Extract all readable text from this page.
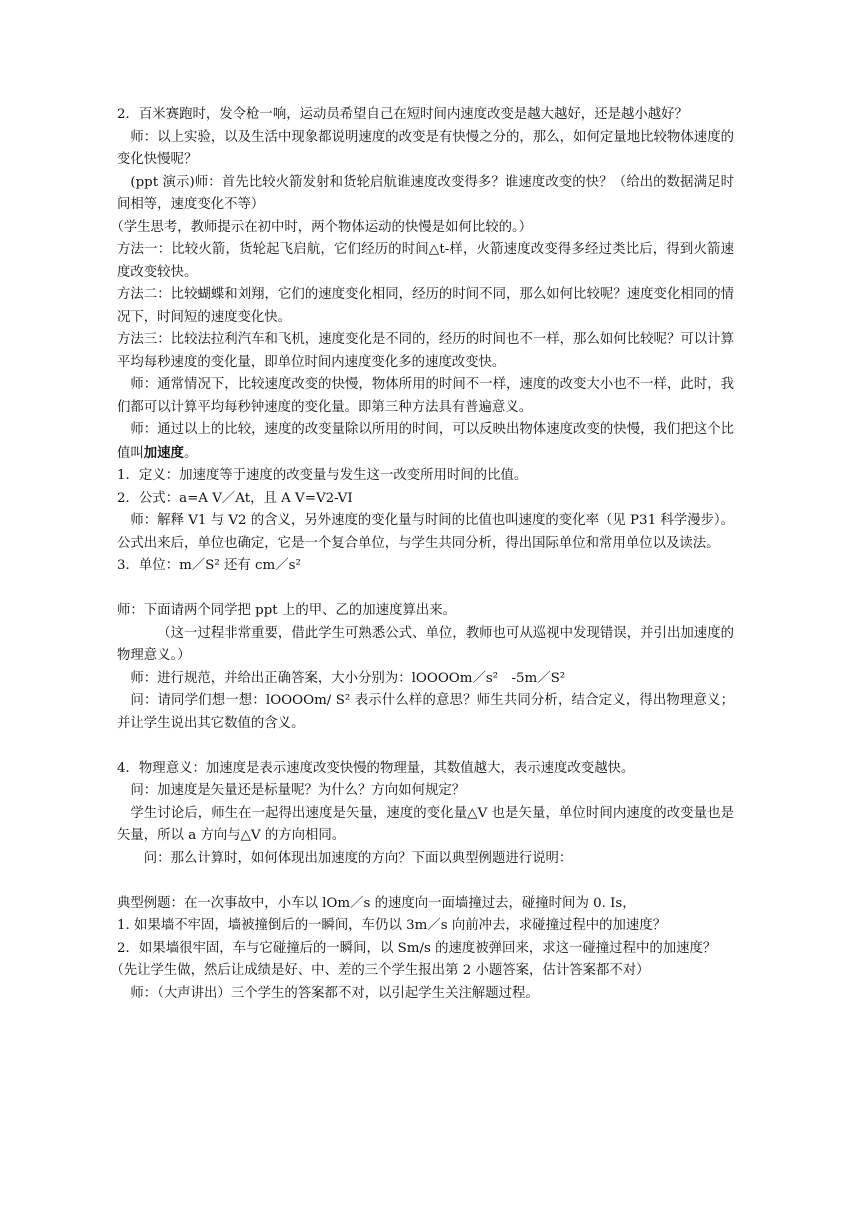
2．百米赛跑时，发令枪一响，运动员希望自己在短时间内速度改变是越大越好，还是越小越好？

师：以上实验，以及生活中现象都说明速度的改变是有快慢之分的，那么，如何定量地比较物体速度的变化快慢呢？

(ppt 演示)师：首先比较火箭发射和货轮启航谁速度改变得多？谁速度改变的快？（给出的数据满足时间相等，速度变化不等）

（学生思考，教师提示在初中时，两个物体运动的快慢是如何比较的。）

方法一：比较火箭，货轮起飞启航，它们经历的时间△t-样，火箭速度改变得多经过类比后，得到火箭速度改变较快。

方法二：比较蝴蝶和刘翔，它们的速度变化相同，经历的时间不同，那么如何比较呢？速度变化相同的情况下，时间短的速度变化快。

方法三：比较法拉利汽车和飞机，速度变化是不同的，经历的时间也不一样，那么如何比较呢？可以计算平均每秒速度的变化量，即单位时间内速度变化多的速度改变快。

师：通常情况下，比较速度改变的快慢，物体所用的时间不一样，速度的改变大小也不一样，此时，我们都可以计算平均每秒钟速度的变化量。即第三种方法具有普遍意义。

师：通过以上的比较，速度的改变量除以所用的时间，可以反映出物体速度改变的快慢，我们把这个比值叫加速度。

1．定义：加速度等于速度的改变量与发生这一改变所用时间的比值。

2．公式：a=A V／At，且 A V=V2-VI

师：解释 V1 与 V2 的含义，另外速度的变化量与时间的比值也叫速度的变化率（见 P31 科学漫步）。公式出来后，单位也确定，它是一个复合单位，与学生共同分析，得出国际单位和常用单位以及读法。

3．单位：m／S² 还有 cm／s²

师：下面请两个同学把 ppt 上的甲、乙的加速度算出来。

（这一过程非常重要，借此学生可熟悉公式、单位，教师也可从巡视中发现错误，并引出加速度的物理意义。）

师：进行规范，并给出正确答案，大小分别为：lOOOOm／s²　-5m／S²

问：请同学们想一想：lOOOOm/ S² 表示什么样的意思？师生共同分析，结合定义，得出物理意义；并让学生说出其它数值的含义。

4．物理意义：加速度是表示速度改变快慢的物理量，其数值越大，表示速度改变越快。

问：加速度是矢量还是标量呢？为什么？方向如何规定？

学生讨论后，师生在一起得出速度是矢量，速度的变化量△V 也是矢量，单位时间内速度的改变量也是矢量，所以 a 方向与△V 的方向相同。

问：那么计算时，如何体现出加速度的方向？下面以典型例题进行说明：

典型例题：在一次事故中，小车以 lOm／s 的速度向一面墙撞过去，碰撞时间为 0. Is，

1. 如果墙不牢固，墙被撞倒后的一瞬间，车仍以 3m／s 向前冲去，求碰撞过程中的加速度？

2．如果墙很牢固，车与它碰撞后的一瞬间，以 Sm/s 的速度被弹回来，求这一碰撞过程中的加速度？

（先让学生做，然后让成绩是好、中、差的三个学生报出第 2 小题答案，估计答案都不对）

师：（大声讲出）三个学生的答案都不对，以引起学生关注解题过程。
